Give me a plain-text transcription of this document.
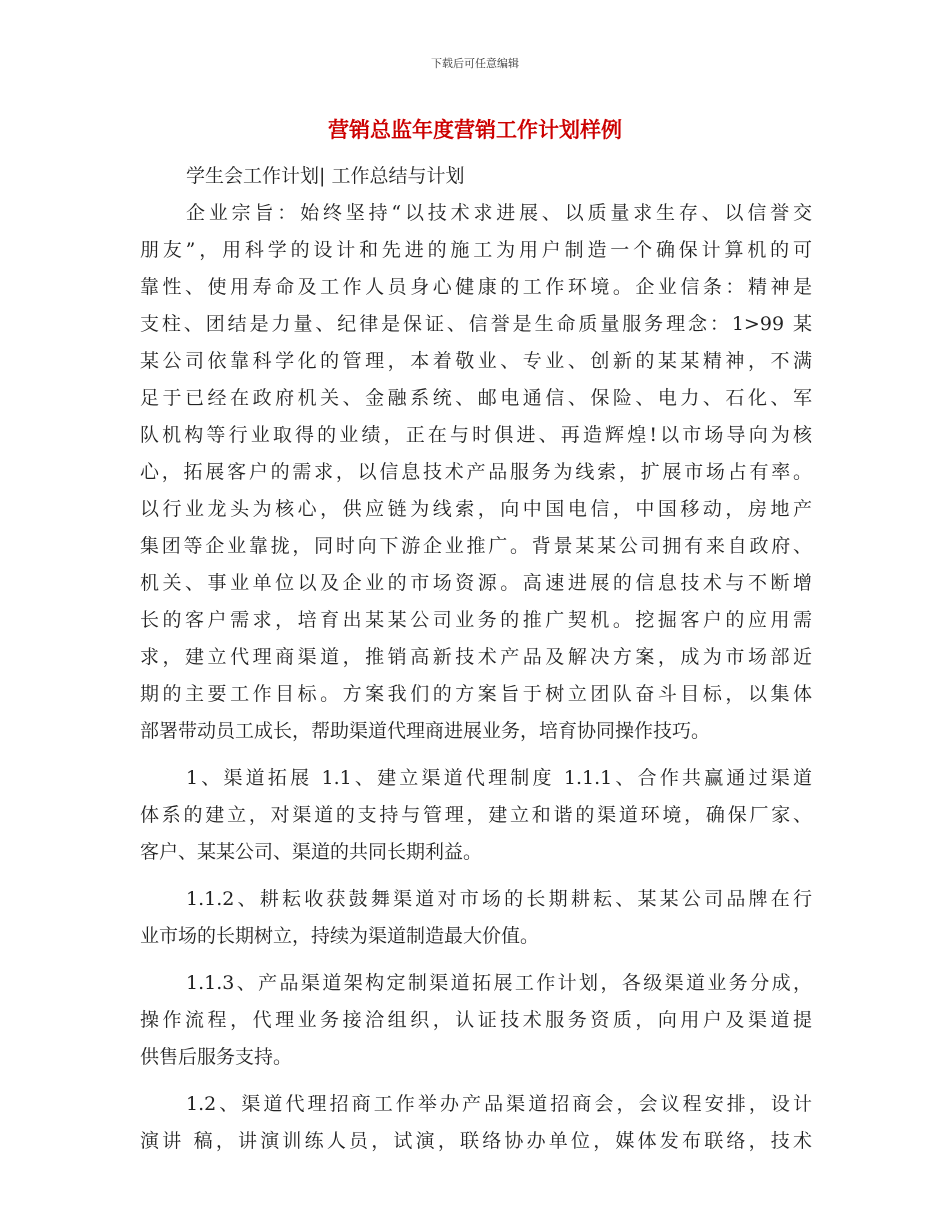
下载后可任意编辑
营销总监年度营销工作计划样例
学生会工作计划| 工作总结与计划
企业宗旨：始终坚持“以技术求进展、以质量求生存、以信誉交
朋友”，用科学的设计和先进的施工为用户制造一个确保计算机的可
靠性、使用寿命及工作人员身心健康的工作环境。企业信条：精神是
支柱、团结是力量、纪律是保证、信誉是生命质量服务理念：1>99 某
某公司依靠科学化的管理，本着敬业、专业、创新的某某精神，不满
足于已经在政府机关、金融系统、邮电通信、保险、电力、石化、军
队机构等行业取得的业绩，正在与时俱进、再造辉煌!以市场导向为核
心，拓展客户的需求，以信息技术产品服务为线索，扩展市场占有率。
以行业龙头为核心，供应链为线索，向中国电信，中国移动，房地产
集团等企业靠拢，同时向下游企业推广。背景某某公司拥有来自政府、
机关、事业单位以及企业的市场资源。高速进展的信息技术与不断增
长的客户需求，培育出某某公司业务的推广契机。挖掘客户的应用需
求，建立代理商渠道，推销高新技术产品及解决方案，成为市场部近
期的主要工作目标。方案我们的方案旨于树立团队奋斗目标，以集体
部署带动员工成长，帮助渠道代理商进展业务，培育协同操作技巧。
1、渠道拓展 1.1、建立渠道代理制度 1.1.1、合作共赢通过渠道
体系的建立，对渠道的支持与管理，建立和谐的渠道环境，确保厂家、
客户、某某公司、渠道的共同长期利益。
1.1.2、耕耘收获鼓舞渠道对市场的长期耕耘、某某公司品牌在行
业市场的长期树立，持续为渠道制造最大价值。
1.1.3、产品渠道架构定制渠道拓展工作计划，各级渠道业务分成，
操作流程，代理业务接洽组织，认证技术服务资质，向用户及渠道提
供售后服务支持。
1.2、渠道代理招商工作举办产品渠道招商会，会议程安排，设计
演讲 稿，讲演训练人员，试演，联络协办单位，媒体发布联络，技术
